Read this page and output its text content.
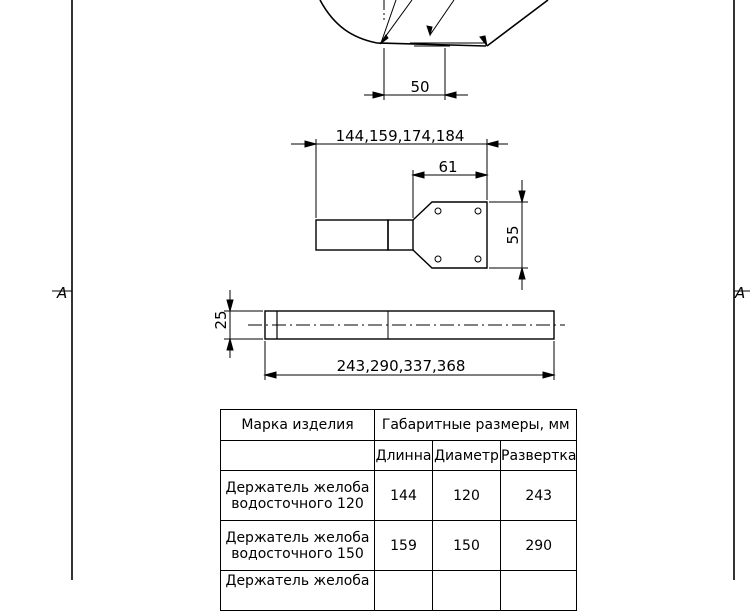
A	A
50
144,159,174,184
61
55
25
243,290,337,368
Марка изделия	Габаритные размеры, мм		
	Длинна	Диаметр	Развертка

Держатель желоба
водосточного 120	144	120	243

Держатель желоба
водосточного 150	159	150	290

Держатель желоба			
